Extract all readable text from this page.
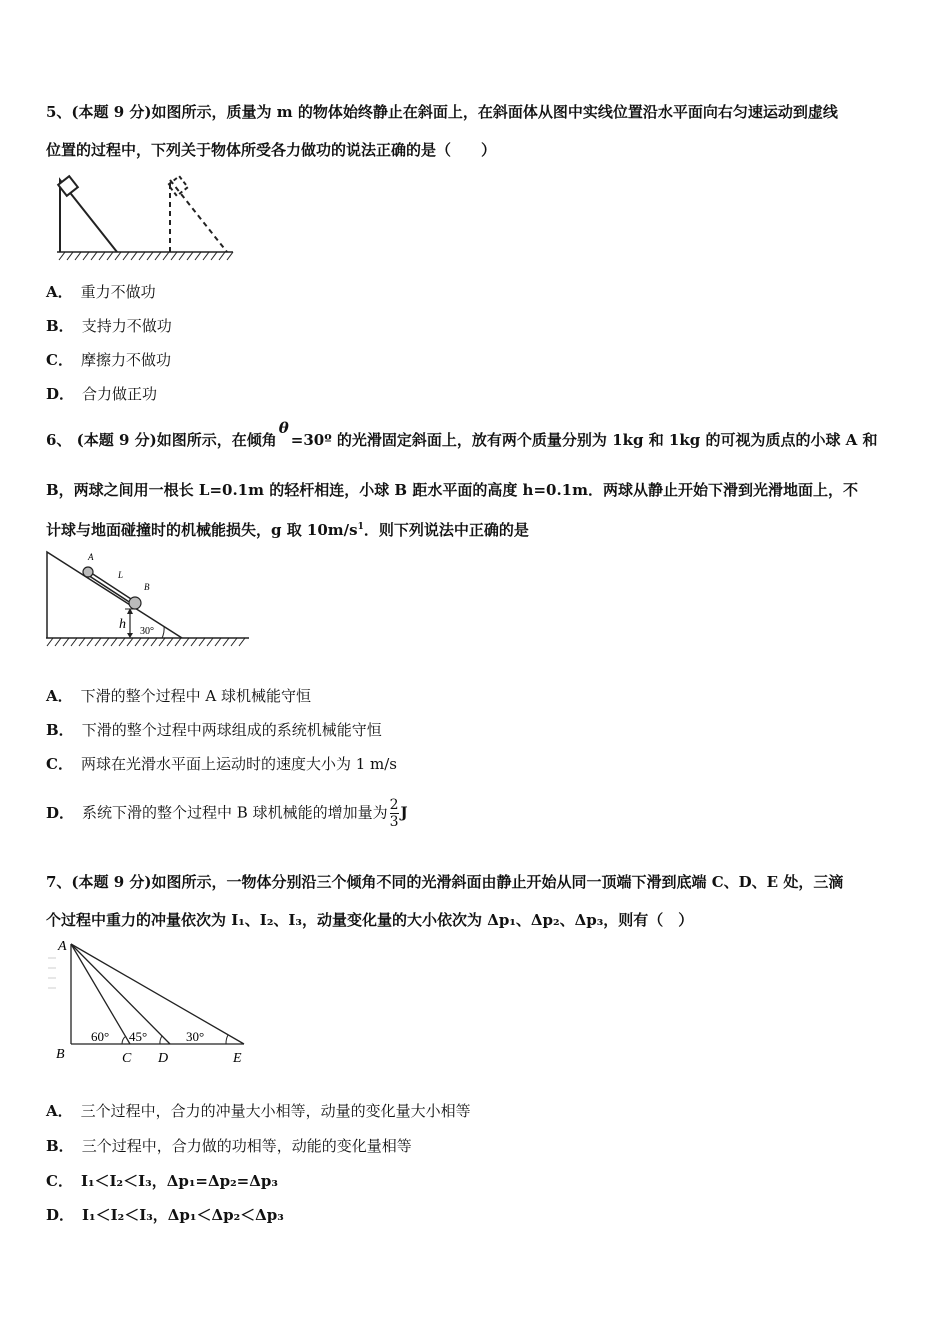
5、(本题 9 分)如图所示，质量为 m 的物体始终静止在斜面上，在斜面体从图中实线位置沿水平面向右匀速运动到虚线
位置的过程中，下列关于物体所受各力做功的说法正确的是（　　）
A． 重力不做功
B． 支持力不做功
C． 摩擦力不做功
D． 合力做正功
6、 (本题 9 分)如图所示，在倾角θ=30º 的光滑固定斜面上，放有两个质量分别为 1kg 和 1kg 的可视为质点的小球 A 和
B，两球之间用一根长 L=0.1m 的轻杆相连，小球 B 距水平面的高度 h=0.1m．两球从静止开始下滑到光滑地面上，不
计球与地面碰撞时的机械能损失，g 取 $10m/s^1$．则下列说法中正确的是
A
L
B
h 30°
A． 下滑的整个过程中 A 球机械能守恒
B． 下滑的整个过程中两球组成的系统机械能守恒
C． 两球在光滑水平面上运动时的速度大小为 1 m/s
D． 系统下滑的整个过程中 B 球机械能的增加量为 $\frac{2}{3}$ J
7、(本题 9 分)如图所示，一物体分别沿三个倾角不同的光滑斜面由静止开始从同一顶端下滑到底端 C、D、E 处，三滴
个过程中重力的冲量依次为 I₁、I₂、I₃，动量变化量的大小依次为 Δp₁、Δp₂、Δp₃，则有（　）
A
B	C D	E
60° 45°	30°
A． 三个过程中，合力的冲量大小相等，动量的变化量大小相等
B． 三个过程中，合力做的功相等，动能的变化量相等
C． I₁＜I₂＜I₃，Δp₁=Δp₂=Δp₃
D． I₁＜I₂＜I₃，Δp₁＜Δp₂＜Δp₃
